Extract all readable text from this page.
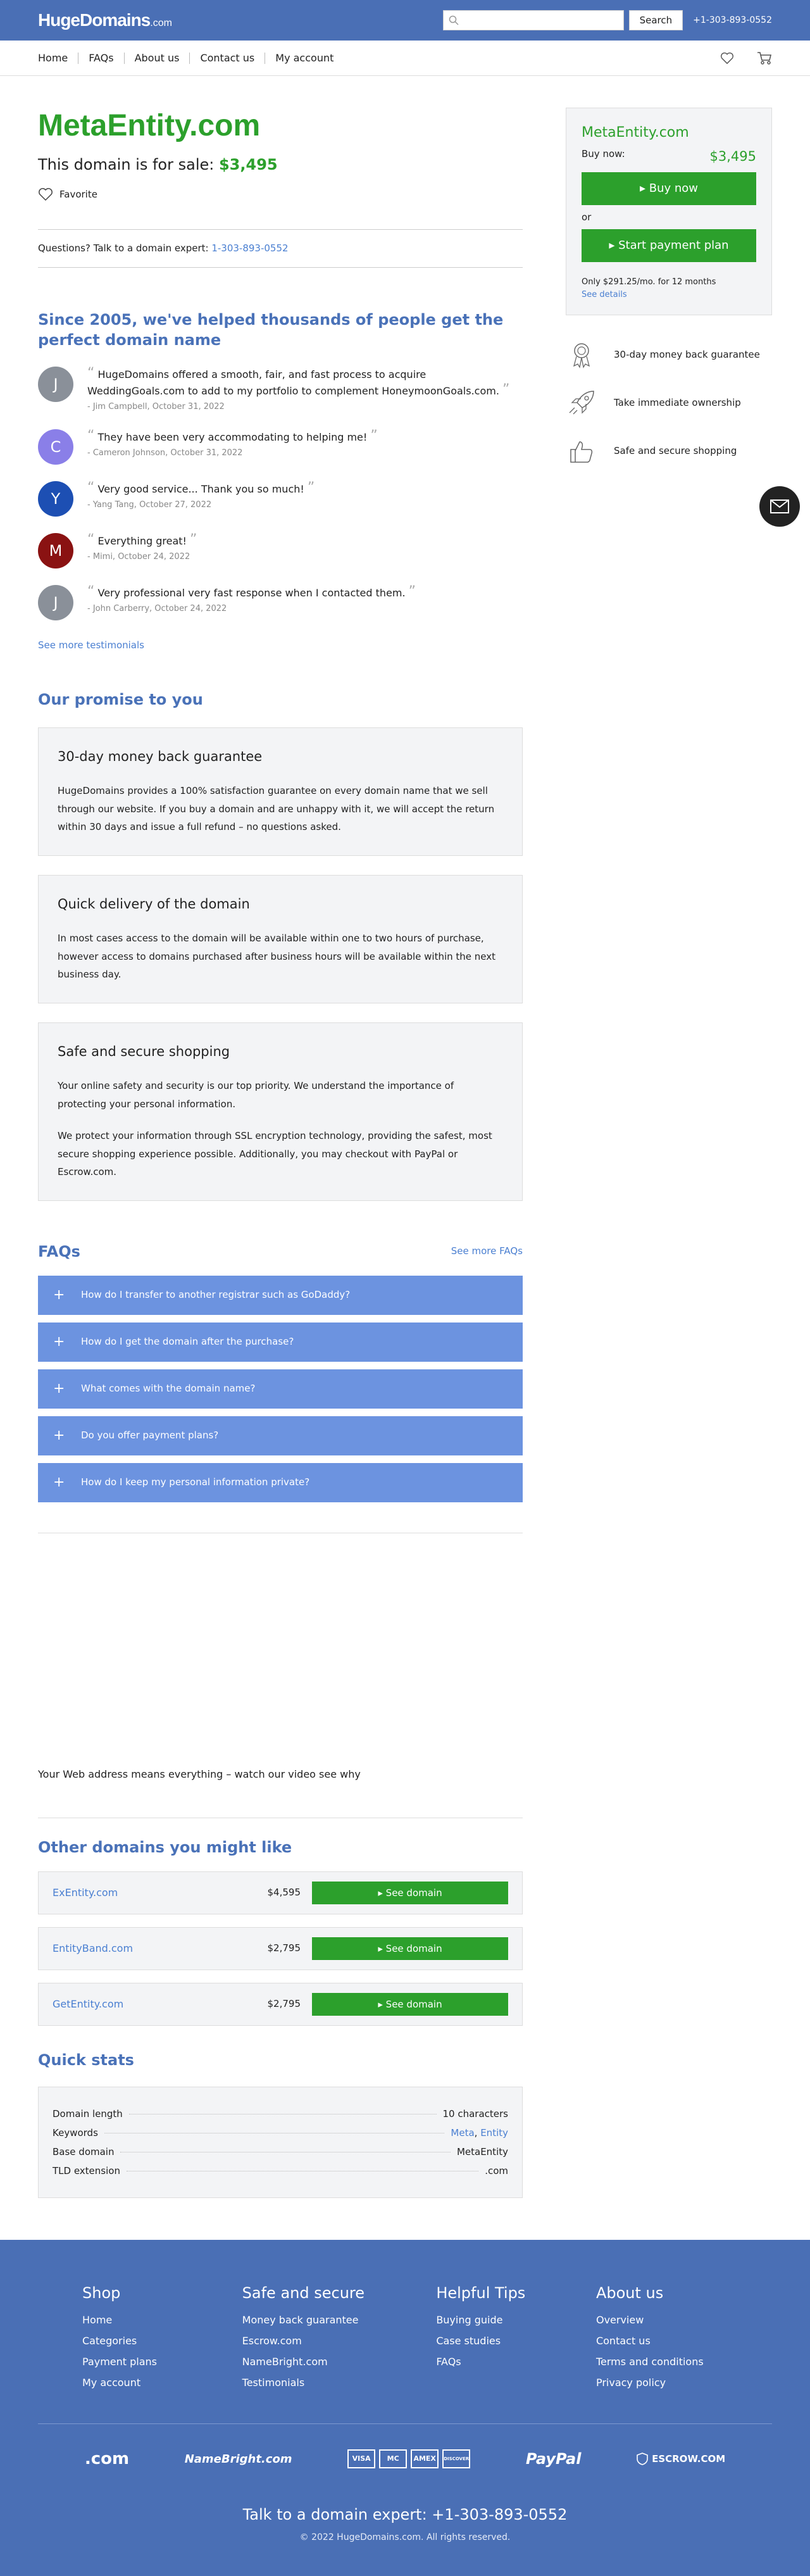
HugeDomains.com	Search	+1-303-893-0552
Home	FAQs	About us	Contact us	My account
MetaEntity.com
This domain is for sale: $3,495
Favorite
Questions? Talk to a domain expert: 1-303-893-0552
Since 2005, we've helped thousands of people get the perfect domain name
J
“ HugeDomains offered a smooth, fair, and fast process to acquire WeddingGoals.com to add to my portfolio to complement HoneymoonGoals.com. ”
- Jim Campbell, October 31, 2022
C
“ They have been very accommodating to helping me! ”
- Cameron Johnson, October 31, 2022
Y
“ Very good service... Thank you so much! ”
- Yang Tang, October 27, 2022
M
“ Everything great! ”
- Mimi, October 24, 2022
J
“ Very professional very fast response when I contacted them. ”
- John Carberry, October 24, 2022
See more testimonials
Our promise to you
30-day money back guarantee

HugeDomains provides a 100% satisfaction guarantee on every domain name that we sell through our website. If you buy a domain and are unhappy with it, we will accept the return within 30 days and issue a full refund – no questions asked.

Quick delivery of the domain

In most cases access to the domain will be available within one to two hours of purchase, however access to domains purchased after business hours will be available within the next business day.

Safe and secure shopping

Your online safety and security is our top priority. We understand the importance of protecting your personal information.

We protect your information through SSL encryption technology, providing the safest, most secure shopping experience possible. Additionally, you may checkout with PayPal or Escrow.com.

FAQs	See more FAQs
+ How do I transfer to another registrar such as GoDaddy?
+ How do I get the domain after the purchase?
+ What comes with the domain name?
+ Do you offer payment plans?
+ How do I keep my personal information private?
Your Web address means everything – watch our video see why
Other domains you might like
ExEntity.com	$4,595	▸ See domain
EntityBand.com	$2,795	▸ See domain
GetEntity.com	$2,795	▸ See domain
Quick stats
Domain length	10 characters
Keywords	Meta, Entity
Base domain	MetaEntity
TLD extension	.com
MetaEntity.com
Buy now:	$3,495
▸ Buy now
or
▸ Start payment plan
Only $291.25/mo. for 12 months
See details
30-day money back guarantee
Take immediate ownership
Safe and secure shopping
Shop
Home
Categories
Payment plans
My account
Safe and secure
Money back guarantee
Escrow.com
NameBright.com
Testimonials
Helpful Tips
Buying guide
Case studies
FAQs
About us
Overview
Contact us
Terms and conditions
Privacy policy
.com	NameBright.com	VISA	MC	AMEX	DISCOVER	PayPal	ESCROW.COM
Talk to a domain expert: +1-303-893-0552
© 2022 HugeDomains.com. All rights reserved.
